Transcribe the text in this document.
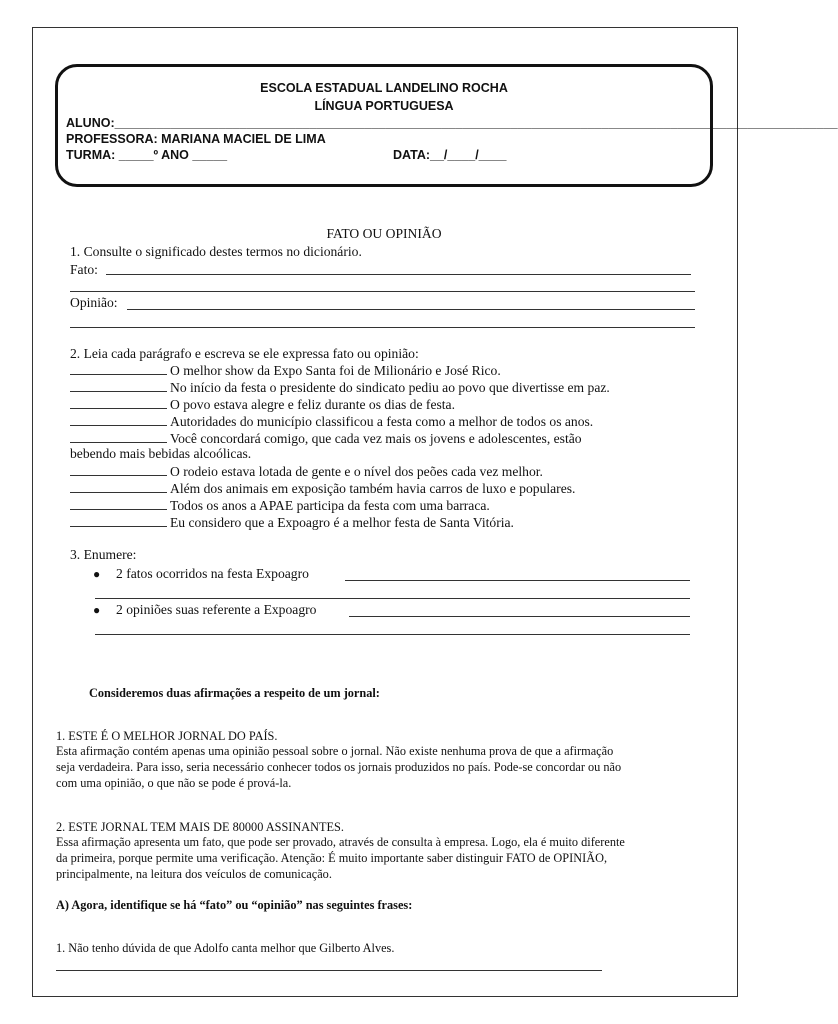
ESCOLA ESTADUAL LANDELINO ROCHA
LÍNGUA PORTUGUESA
ALUNO:________________________________________________________________________________________________________
PROFESSORA: MARIANA MACIEL DE LIMA
TURMA: _____º ANO _____	DATA:__/____/____
FATO OU OPINIÃO
1. Consulte o significado destes termos no dicionário.
Fato:
Opinião:
2. Leia cada parágrafo e escreva se ele expressa fato ou opinião:
O melhor show da Expo Santa foi de Milionário e José Rico.
No início da festa o presidente do sindicato pediu ao povo que divertisse em paz.
O povo estava alegre e feliz durante os dias de festa.
Autoridades do município classificou a festa como a melhor de todos os anos.
Você concordará comigo, que cada vez mais os jovens e adolescentes, estão
bebendo mais bebidas alcoólicas.
O rodeio estava lotada de gente e o nível dos peões cada vez melhor.
Além dos animais em exposição também havia carros de luxo e populares.
Todos os anos a APAE participa da festa com uma barraca.
Eu considero que a Expoagro é a melhor festa de Santa Vitória.
3. Enumere:
● 2 fatos ocorridos na festa Expoagro
● 2 opiniões suas referente a Expoagro
Consideremos duas afirmações a respeito de um jornal:
1. ESTE É O MELHOR JORNAL DO PAÍS.
Esta afirmação contém apenas uma opinião pessoal sobre o jornal. Não existe nenhuma prova de que a afirmação
seja verdadeira. Para isso, seria necessário conhecer todos os jornais produzidos no país. Pode-se concordar ou não
com uma opinião, o que não se pode é prová-la.
2. ESTE JORNAL TEM MAIS DE 80000 ASSINANTES.
Essa afirmação apresenta um fato, que pode ser provado, através de consulta à empresa. Logo, ela é muito diferente
da primeira, porque permite uma verificação. Atenção: É muito importante saber distinguir FATO de OPINIÃO,
principalmente, na leitura dos veículos de comunicação.
A) Agora, identifique se há “fato” ou “opinião” nas seguintes frases:
1. Não tenho dúvida de que Adolfo canta melhor que Gilberto Alves.
